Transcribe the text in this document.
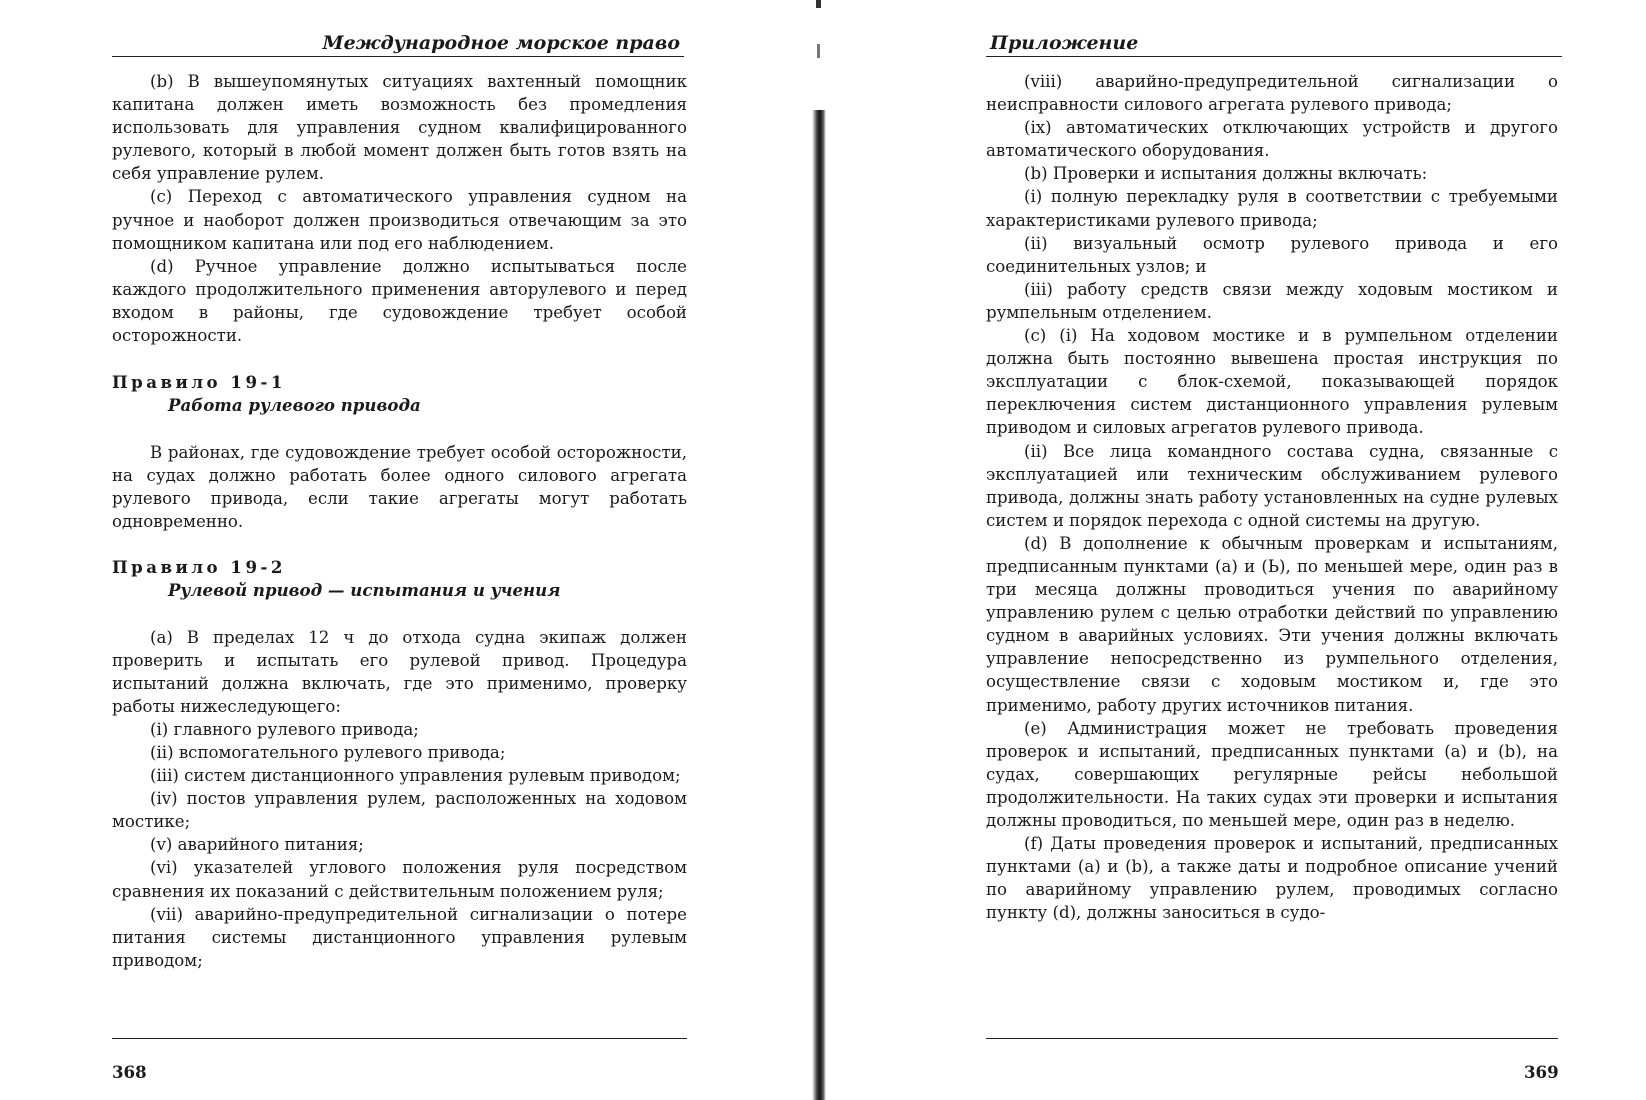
Международное морское право

(b) В вышеупомянутых ситуациях вахтенный помощник капитана должен иметь возможность без промедления использовать для управления судном квалифицированного рулевого, который в любой момент должен быть готов взять на себя управление рулем.

(с) Переход с автоматического управления судном на ручное и наоборот должен производиться отвечающим за это помощником капитана или под его наблюдением.

(d) Ручное управление должно испытываться после каждого продолжительного применения авторулевого и перед входом в районы, где судовождение требует особой осторожности.

Правило 19-1
Работа рулевого привода

В районах, где судовождение требует особой осторожности, на судах должно работать более одного силового агрегата рулевого привода, если такие агрегаты могут работать одновременно.

Правило 19-2
Рулевой привод — испытания и учения

(а) В пределах 12 ч до отхода судна экипаж должен проверить и испытать его рулевой привод. Процедура испытаний должна включать, где это применимо, проверку работы нижеследующего:

(i) главного рулевого привода;

(ii) вспомогательного рулевого привода;

(iii) систем дистанционного управления рулевым приводом;

(iv) постов управления рулем, расположенных на ходовом мостике;

(v) аварийного питания;

(vi) указателей углового положения руля посредством сравнения их показаний с действительным положением руля;

(vii) аварийно-предупредительной сигнализации о потере питания системы дистанционного управления рулевым приводом;

368
Приложение

(viii) аварийно-предупредительной сигнализации о неисправности силового агрегата рулевого привода;

(ix) автоматических отключающих устройств и другого автоматического оборудования.

(b) Проверки и испытания должны включать:

(i) полную перекладку руля в соответствии с требуемыми характеристиками рулевого привода;

(ii) визуальный осмотр рулевого привода и его соединительных узлов; и

(iii) работу средств связи между ходовым мостиком и румпельным отделением.

(с) (i) На ходовом мостике и в румпельном отделении должна быть постоянно вывешена простая инструкция по эксплуатации с блок-схемой, показывающей порядок переключения систем дистанционного управления рулевым приводом и силовых агрегатов рулевого привода.

(ii) Все лица командного состава судна, связанные с эксплуатацией или техническим обслуживанием рулевого привода, должны знать работу установленных на судне рулевых систем и порядок перехода с одной системы на другую.

(d) В дополнение к обычным проверкам и испытаниям, предписанным пунктами (а) и (Ь), по меньшей мере, один раз в три месяца должны проводиться учения по аварийному управлению рулем с целью отработки действий по управлению судном в аварийных условиях. Эти учения должны включать управление непосредственно из румпельного отделения, осуществление связи с ходовым мостиком и, где это применимо, работу других источников питания.

(е) Администрация может не требовать проведения проверок и испытаний, предписанных пунктами (а) и (b), на судах, совершающих регулярные рейсы небольшой продолжительности. На таких судах эти проверки и испытания должны проводиться, по меньшей мере, один раз в неделю.

(f) Даты проведения проверок и испытаний, предписанных пунктами (а) и (b), а также даты и подробное описание учений по аварийному управлению рулем, проводимых согласно пункту (d), должны заноситься в судо-

369
